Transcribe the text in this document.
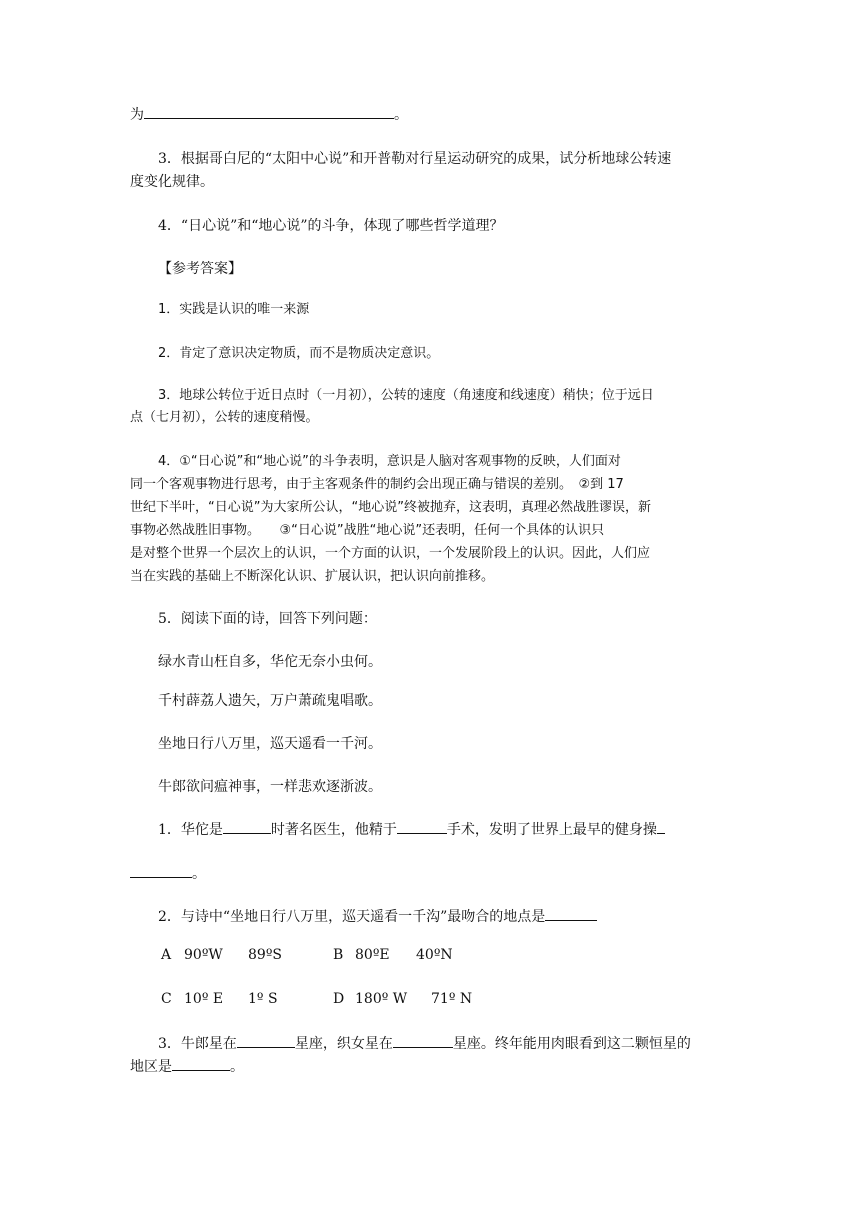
为	。
3．根据哥白尼的“太阳中心说”和开普勒对行星运动研究的成果，试分析地球公转速
度变化规律。
4．“日心说”和“地心说”的斗争，体现了哪些哲学道理？
【参考答案】
1．实践是认识的唯一来源
2．肯定了意识决定物质，而不是物质决定意识。
3．地球公转位于近日点时（一月初），公转的速度（角速度和线速度）稍快；位于远日
点（七月初），公转的速度稍慢。
4．①“日心说”和“地心说”的斗争表明，意识是人脑对客观事物的反映，人们面对
同一个客观事物进行思考，由于主客观条件的制约会出现正确与错误的差别。　②到 17
世纪下半叶，“日心说”为大家所公认，“地心说”终被抛弃，这表明，真理必然战胜谬误，新
事物必然战胜旧事物。　　③“日心说”战胜“地心说”还表明，任何一个具体的认识只
是对整个世界一个层次上的认识，一个方面的认识，一个发展阶段上的认识。因此，人们应
当在实践的基础上不断深化认识、扩展认识，把认识向前推移。
5．阅读下面的诗，回答下列问题：
绿水青山枉自多，华佗无奈小虫何。
千村薜荔人遗矢，万户萧疏鬼唱歌。
坐地日行八万里，巡天遥看一千河。
牛郎欲问瘟神事，一样悲欢逐浙波。
1．华佗是	时著名医生，他精于	手术，发明了世界上最早的健身操
。
2．与诗中“坐地日行八万里，巡天遥看一千沟”最吻合的地点是
A 90ºW 89ºS	B 80ºE 40ºN
C 10º E 1º S	D 180º W 71º N
3．牛郎星在	星座，织女星在	星座。终年能用肉眼看到这二颗恒星的
地区是	。
